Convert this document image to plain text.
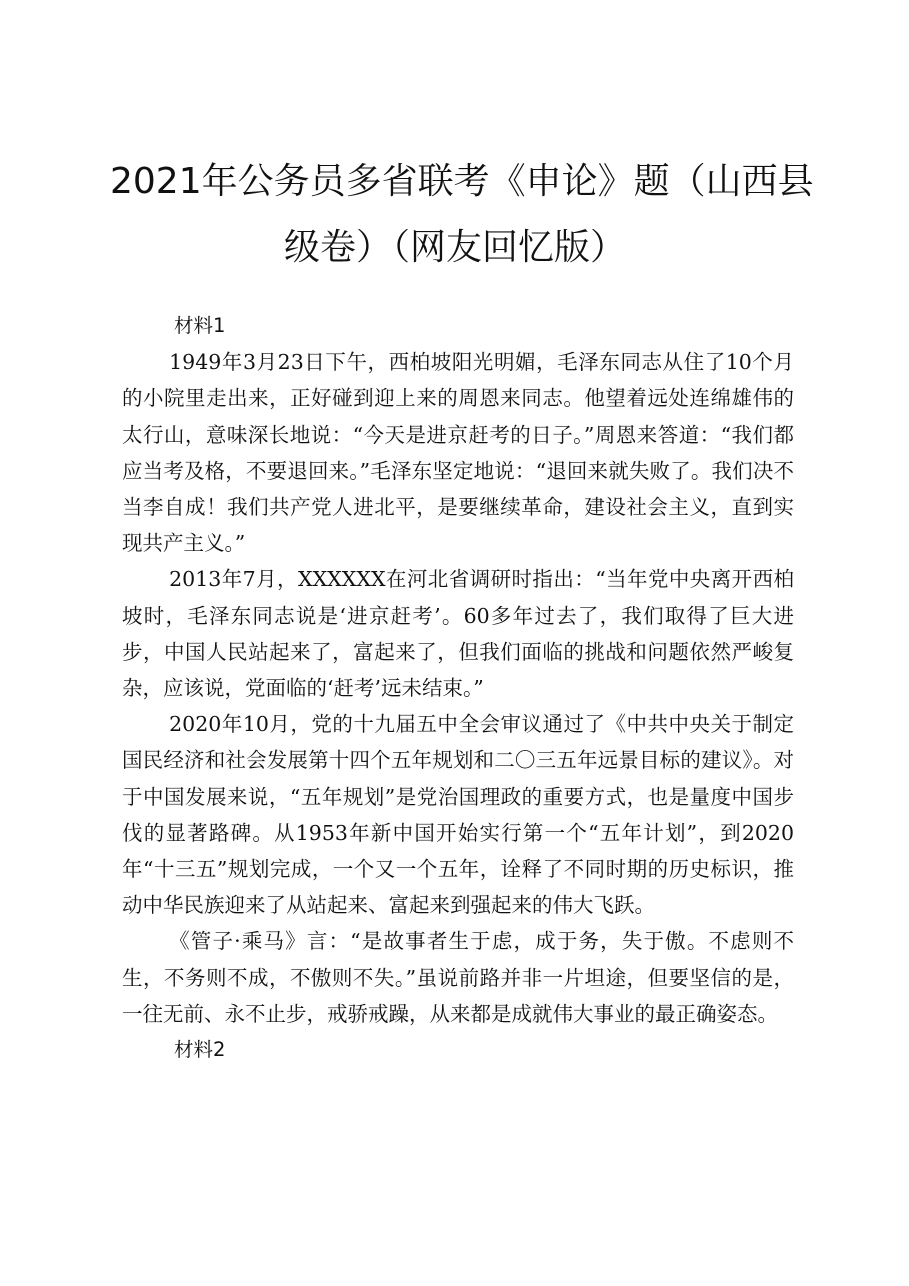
2021年公务员多省联考《申论》题（山西县
级卷）（网友回忆版）

材料1

1949年3月23日下午，西柏坡阳光明媚，毛泽东同志从住了10个月的小院里走出来，正好碰到迎上来的周恩来同志。他望着远处连绵雄伟的太行山，意味深长地说：“今天是进京赶考的日子。”周恩来答道：“我们都应当考及格，不要退回来。”毛泽东坚定地说：“退回来就失败了。我们决不当李自成！我们共产党人进北平，是要继续革命，建设社会主义，直到实现共产主义。”

2013年7月，XXXXXX在河北省调研时指出：“当年党中央离开西柏坡时，毛泽东同志说是‘进京赶考’。60多年过去了，我们取得了巨大进步，中国人民站起来了，富起来了，但我们面临的挑战和问题依然严峻复杂，应该说，党面临的‘赶考’远未结束。”

2020年10月，党的十九届五中全会审议通过了《中共中央关于制定国民经济和社会发展第十四个五年规划和二〇三五年远景目标的建议》。对于中国发展来说，“五年规划”是党治国理政的重要方式，也是量度中国步伐的显著路碑。从1953年新中国开始实行第一个“五年计划”，到2020年“十三五”规划完成，一个又一个五年，诠释了不同时期的历史标识，推动中华民族迎来了从站起来、富起来到强起来的伟大飞跃。

《管子·乘马》言：“是故事者生于虑，成于务，失于傲。不虑则不生，不务则不成，不傲则不失。”虽说前路并非一片坦途，但要坚信的是，一往无前、永不止步，戒骄戒躁，从来都是成就伟大事业的最正确姿态。

材料2
